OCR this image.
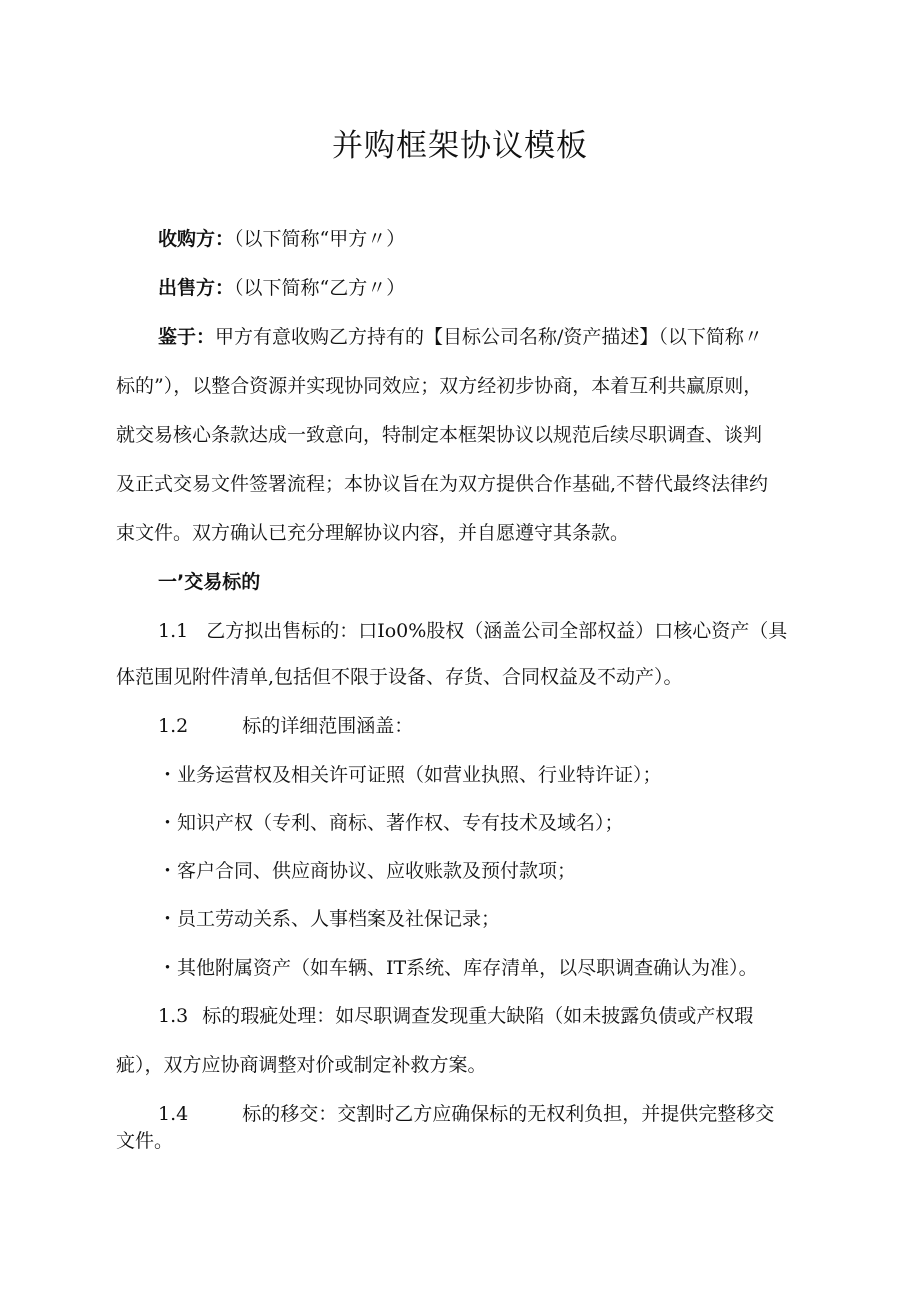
并购框架协议模板
收购方：（以下简称“甲方〃）
出售方：（以下简称“乙方〃）
鉴于：甲方有意收购乙方持有的【目标公司名称/资产描述】（以下简称〃
标的”），以整合资源并实现协同效应；双方经初步协商，本着互利共赢原则，
就交易核心条款达成一致意向，特制定本框架协议以规范后续尽职调查、谈判
及正式交易文件签署流程；本协议旨在为双方提供合作基础,不替代最终法律约
束文件。双方确认已充分理解协议内容，并自愿遵守其条款。
一’交易标的
1.1 乙方拟出售标的：口Io0%股权（涵盖公司全部权益）口核心资产（具
体范围见附件清单,包括但不限于设备、存货、合同权益及不动产）。
1.2	标的详细范围涵盖：
・业务运营权及相关许可证照（如营业执照、行业特许证）；
・知识产权（专利、商标、著作权、专有技术及域名）；
・客户合同、供应商协议、应收账款及预付款项；
・员工劳动关系、人事档案及社保记录；
・其他附属资产（如车辆、IT系统、库存清单，以尽职调查确认为准）。
1.3 标的瑕疵处理：如尽职调查发现重大缺陷（如未披露负债或产权瑕
疵），双方应协商调整对价或制定补救方案。
1.4	标的移交：交割时乙方应确保标的无权利负担，并提供完整移交
文件。
